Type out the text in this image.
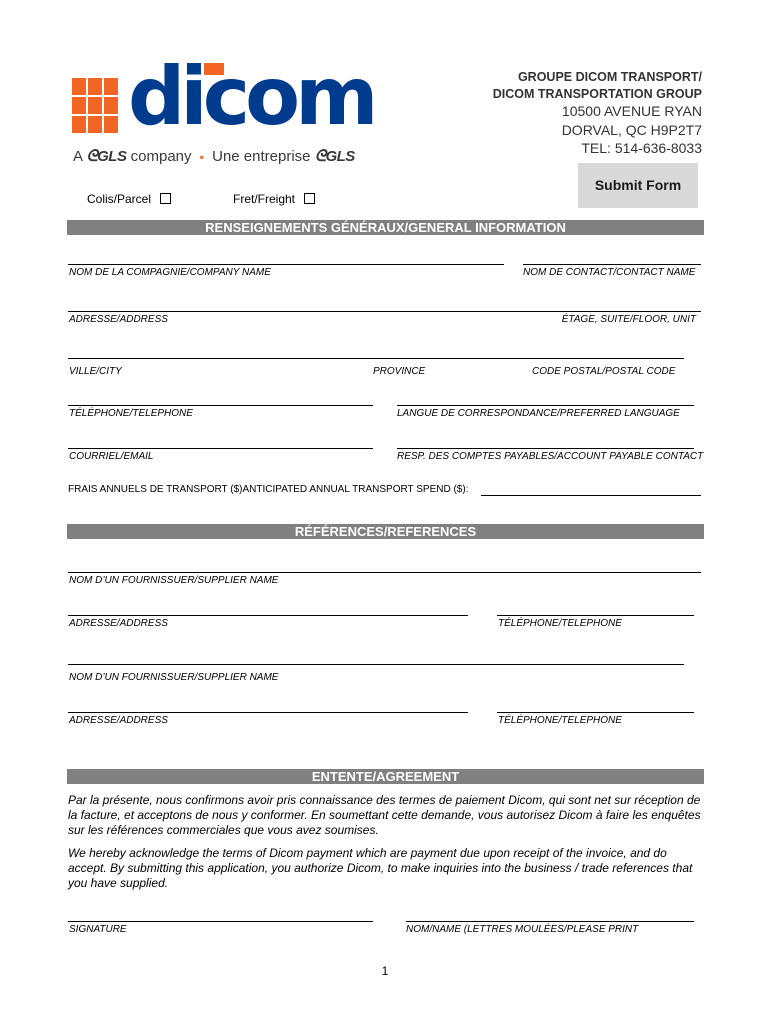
dicom
A ᘓGLS company ▪ Une entreprise ᘓGLS
GROUPE DICOM TRANSPORT/
DICOM TRANSPORTATION GROUP
10500 AVENUE RYAN
DORVAL, QC H9P2T7
TEL: 514-636-8033
Submit Form
Colis/Parcel	Fret/Freight
RENSEIGNEMENTS GÉNÉRAUX/GENERAL INFORMATION
NOM DE LA COMPAGNIE/COMPANY NAME	NOM DE CONTACT/CONTACT NAME
ADRESSE/ADDRESS	ÉTAGE, SUITE/FLOOR, UNIT
VILLE/CITY	PROVINCE	CODE POSTAL/POSTAL CODE
TÉLÉPHONE/TELEPHONE	LANGUE DE CORRESPONDANCE/PREFERRED LANGUAGE
COURRIEL/EMAIL	RESP. DES COMPTES PAYABLES/ACCOUNT PAYABLE CONTACT
FRAIS ANNUELS DE TRANSPORT ($)ANTICIPATED ANNUAL TRANSPORT SPEND ($):
RÉFÉRENCES/REFERENCES
NOM D’UN FOURNISSUER/SUPPLIER NAME
ADRESSE/ADDRESS	TÉLÉPHONE/TELEPHONE
NOM D’UN FOURNISSUER/SUPPLIER NAME
ADRESSE/ADDRESS	TÉLÉPHONE/TELEPHONE
ENTENTE/AGREEMENT
Par la présente, nous confirmons avoir pris connaissance des termes de paiement Dicom, qui sont net sur réception de la facture, et acceptons de nous y conformer. En soumettant cette demande, vous autorisez Dicom à faire les enquêtes sur les références commerciales que vous avez soumises.
We hereby acknowledge the terms of Dicom payment which are payment due upon receipt of the invoice, and do accept. By submitting this application, you authorize Dicom, to make inquiries into the business / trade references that you have supplied.
SIGNATURE	NOM/NAME (LETTRES MOULÉES/PLEASE PRINT
1
